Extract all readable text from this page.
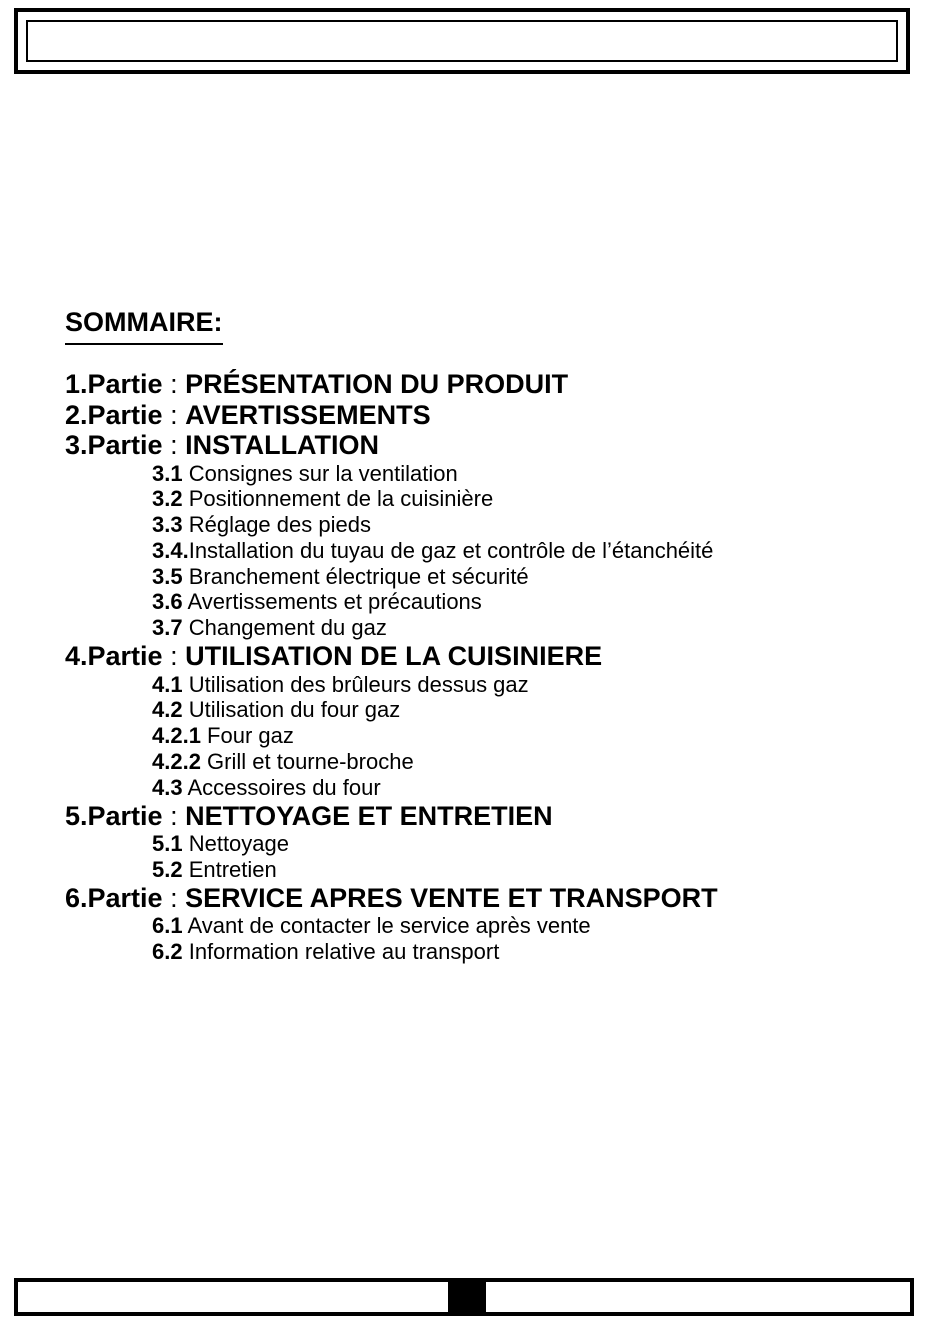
SOMMAIRE:
1.Partie : PRÉSENTATION DU PRODUIT
2.Partie : AVERTISSEMENTS
3.Partie : INSTALLATION
3.1 Consignes sur la ventilation
3.2 Positionnement de la cuisinière
3.3 Réglage des pieds
3.4.Installation du tuyau de gaz et contrôle de l’étanchéité
3.5 Branchement électrique et sécurité
3.6 Avertissements et précautions
3.7 Changement du gaz
4.Partie : UTILISATION DE LA CUISINIERE
4.1 Utilisation des brûleurs dessus gaz
4.2 Utilisation du four gaz
4.2.1 Four gaz
4.2.2 Grill et tourne-broche
4.3 Accessoires du four
5.Partie : NETTOYAGE ET ENTRETIEN
5.1 Nettoyage
5.2 Entretien
6.Partie : SERVICE APRES VENTE ET TRANSPORT
6.1 Avant de contacter le service après vente
6.2 Information relative au transport
